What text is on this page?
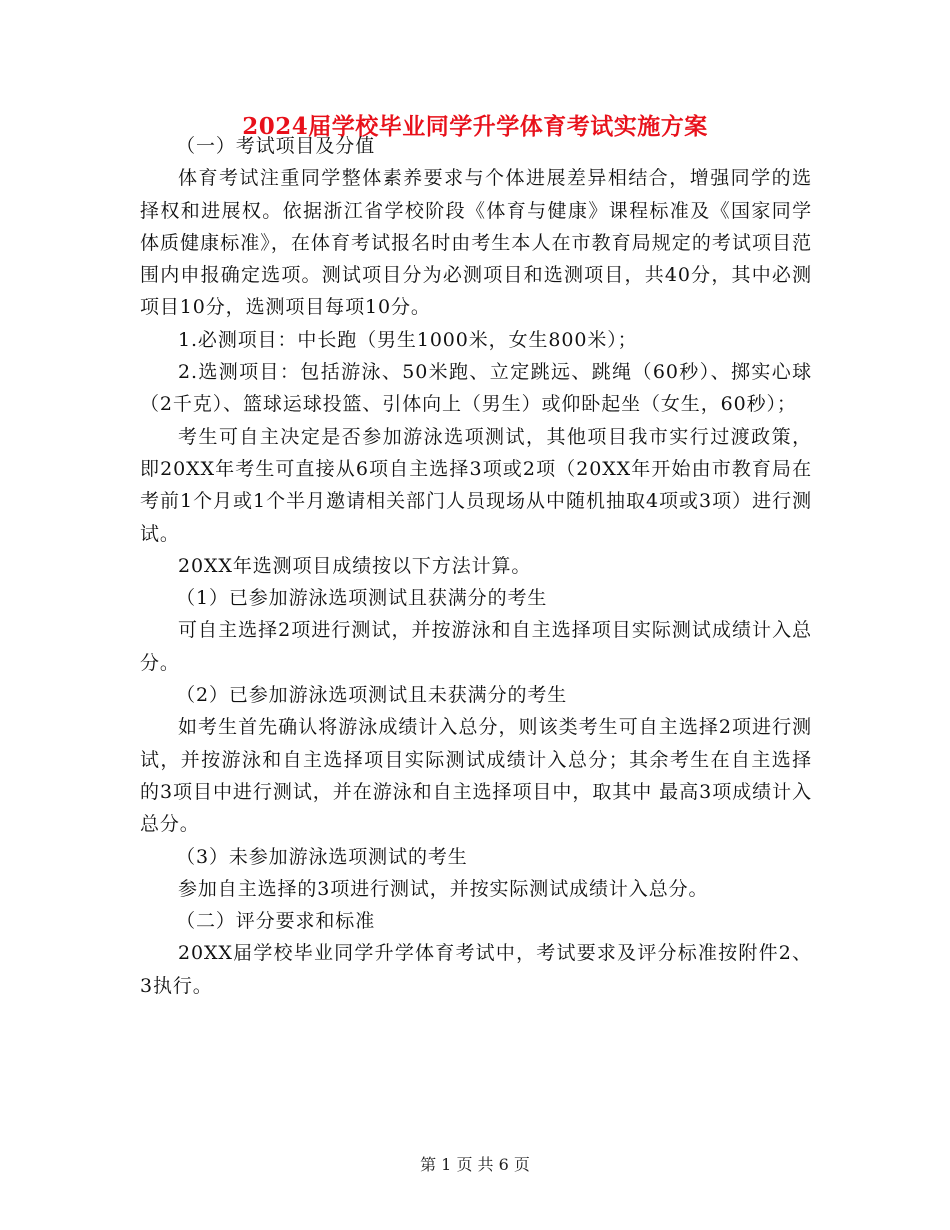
2024届学校毕业同学升学体育考试实施方案

（一）考试项目及分值

体育考试注重同学整体素养要求与个体进展差异相结合，增强同学的选择权和进展权。依据浙江省学校阶段《体育与健康》课程标准及《国家同学体质健康标准》，在体育考试报名时由考生本人在市教育局规定的考试项目范围内申报确定选项。测试项目分为必测项目和选测项目，共40分，其中必测项目10分，选测项目每项10分。

1.必测项目：中长跑（男生1000米，女生800米）；

2.选测项目：包括游泳、50米跑、立定跳远、跳绳（60秒）、掷实心球（2千克）、篮球运球投篮、引体向上（男生）或仰卧起坐（女生，60秒）；

考生可自主决定是否参加游泳选项测试，其他项目我市实行过渡政策，即20XX年考生可直接从6项自主选择3项或2项（20XX年开始由市教育局在考前1个月或1个半月邀请相关部门人员现场从中随机抽取4项或3项）进行测试。

20XX年选测项目成绩按以下方法计算。

（1）已参加游泳选项测试且获满分的考生

可自主选择2项进行测试，并按游泳和自主选择项目实际测试成绩计入总分。

（2）已参加游泳选项测试且未获满分的考生

如考生首先确认将游泳成绩计入总分，则该类考生可自主选择2项进行测试，并按游泳和自主选择项目实际测试成绩计入总分；其余考生在自主选择的3项目中进行测试，并在游泳和自主选择项目中，取其中 最高3项成绩计入总分。

（3）未参加游泳选项测试的考生

参加自主选择的3项进行测试，并按实际测试成绩计入总分。

（二）评分要求和标准

20XX届学校毕业同学升学体育考试中，考试要求及评分标准按附件2、3执行。

第 1 页 共 6 页
